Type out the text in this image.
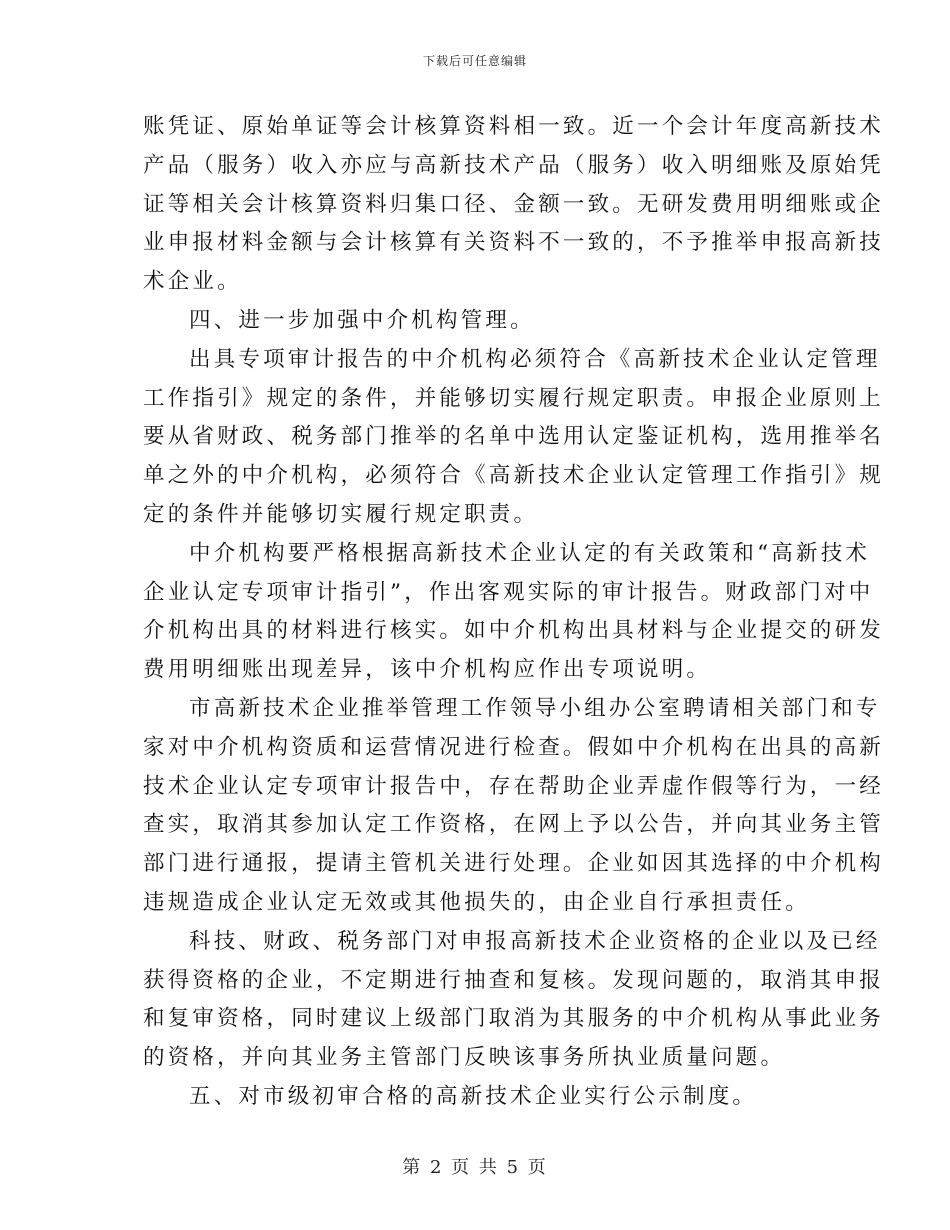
下载后可任意编辑
账凭证、原始单证等会计核算资料相一致。近一个会计年度高新技术
产品（服务）收入亦应与高新技术产品（服务）收入明细账及原始凭
证等相关会计核算资料归集口径、金额一致。无研发费用明细账或企
业申报材料金额与会计核算有关资料不一致的，不予推举申报高新技
术企业。
四、进一步加强中介机构管理。
出具专项审计报告的中介机构必须符合《高新技术企业认定管理
工作指引》规定的条件，并能够切实履行规定职责。申报企业原则上
要从省财政、税务部门推举的名单中选用认定鉴证机构，选用推举名
单之外的中介机构，必须符合《高新技术企业认定管理工作指引》规
定的条件并能够切实履行规定职责。
中介机构要严格根据高新技术企业认定的有关政策和“高新技术
企业认定专项审计指引”，作出客观实际的审计报告。财政部门对中
介机构出具的材料进行核实。如中介机构出具材料与企业提交的研发
费用明细账出现差异，该中介机构应作出专项说明。
市高新技术企业推举管理工作领导小组办公室聘请相关部门和专
家对中介机构资质和运营情况进行检查。假如中介机构在出具的高新
技术企业认定专项审计报告中，存在帮助企业弄虚作假等行为，一经
查实，取消其参加认定工作资格，在网上予以公告，并向其业务主管
部门进行通报，提请主管机关进行处理。企业如因其选择的中介机构
违规造成企业认定无效或其他损失的，由企业自行承担责任。
科技、财政、税务部门对申报高新技术企业资格的企业以及已经
获得资格的企业，不定期进行抽查和复核。发现问题的，取消其申报
和复审资格，同时建议上级部门取消为其服务的中介机构从事此业务
的资格，并向其业务主管部门反映该事务所执业质量问题。
五、对市级初审合格的高新技术企业实行公示制度。
第 2 页 共 5 页
